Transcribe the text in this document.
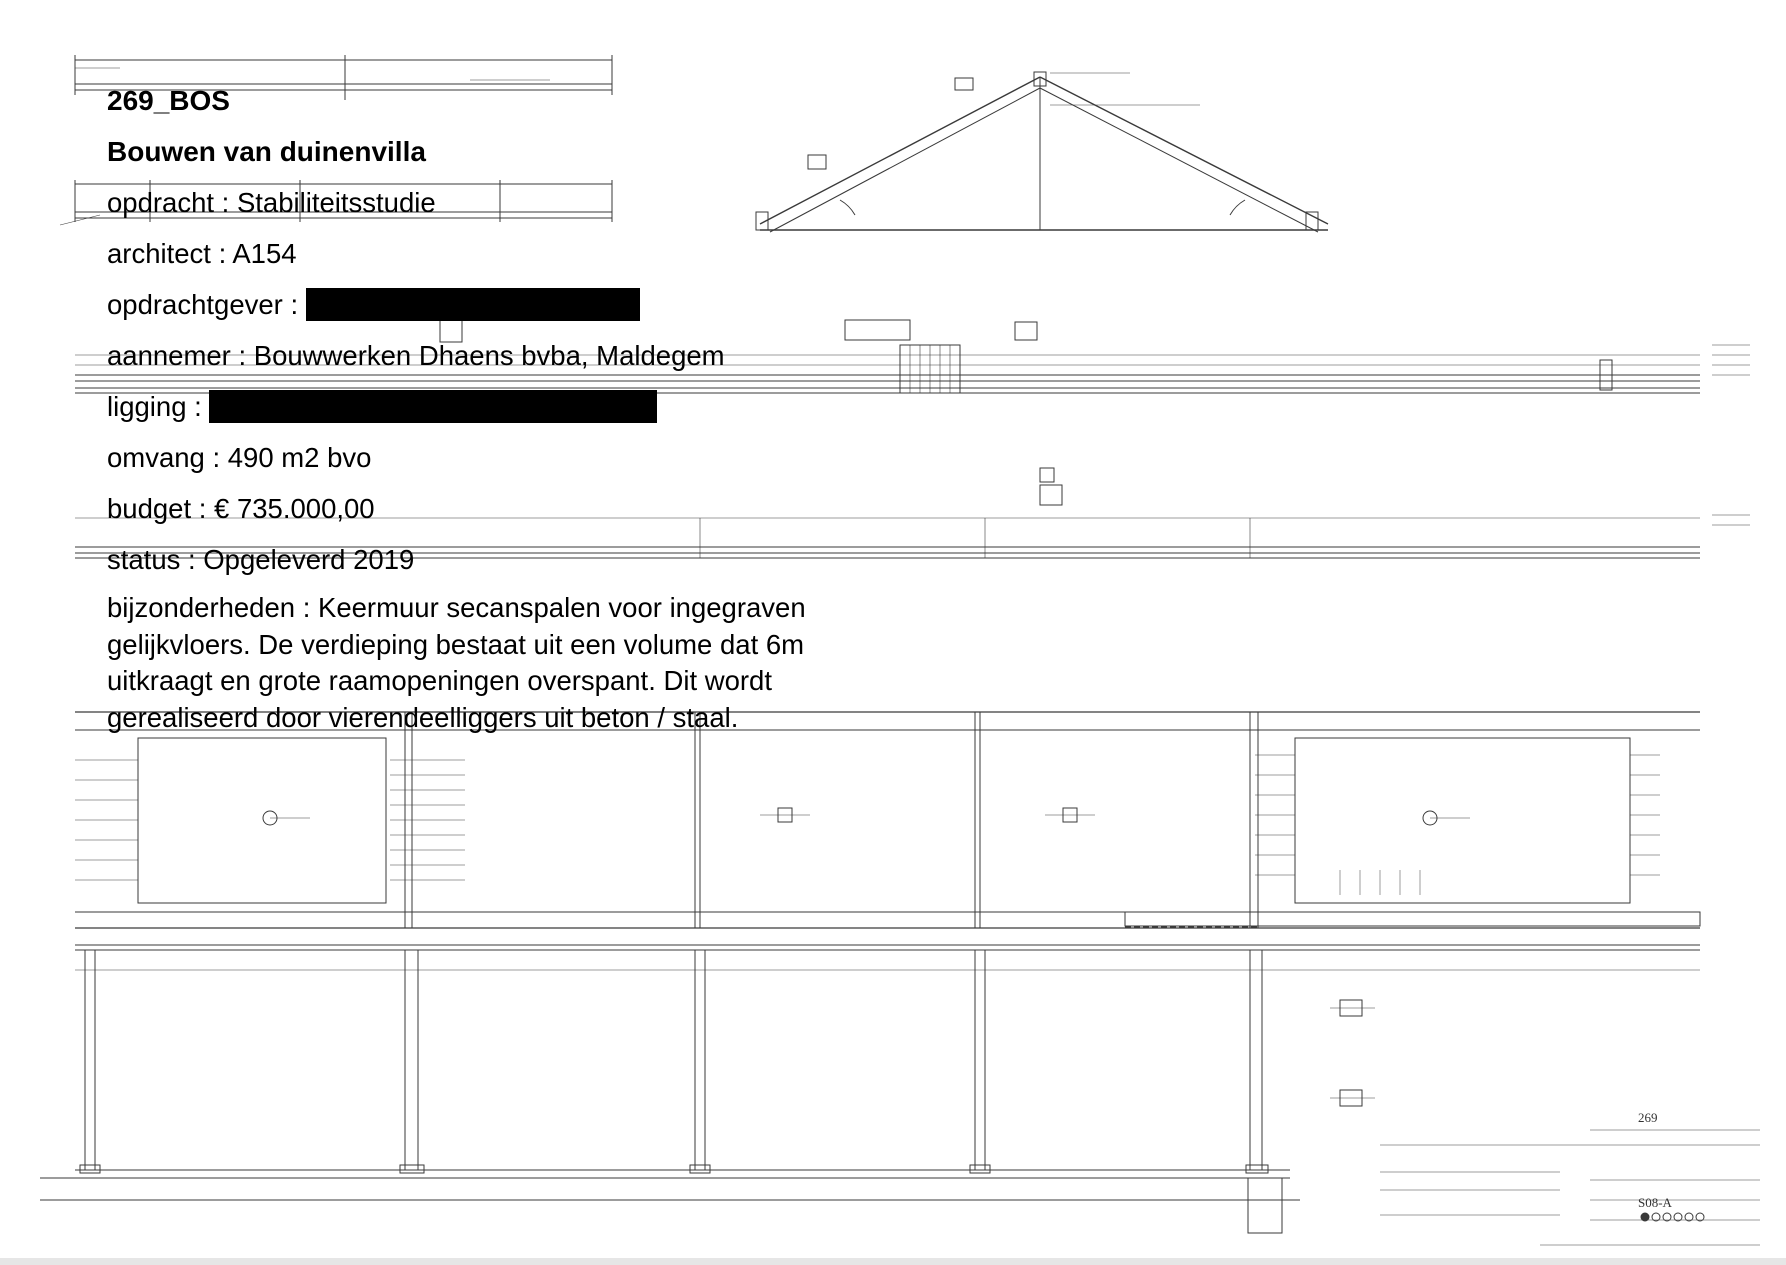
269
S08-A
269_BOS
Bouwen van duinenvilla
opdracht : Stabiliteitsstudie
architect : A154
opdrachtgever :
aannemer : Bouwwerken Dhaens bvba, Maldegem
ligging :
omvang : 490 m2 bvo
budget : € 735.000,00
status : Opgeleverd 2019
bijzonderheden : Keermuur secanspalen voor ingegraven gelijkvloers. De verdieping bestaat uit een volume dat 6m uitkraagt en grote raamopeningen overspant. Dit wordt gerealiseerd door vierendeelliggers uit beton / staal.
